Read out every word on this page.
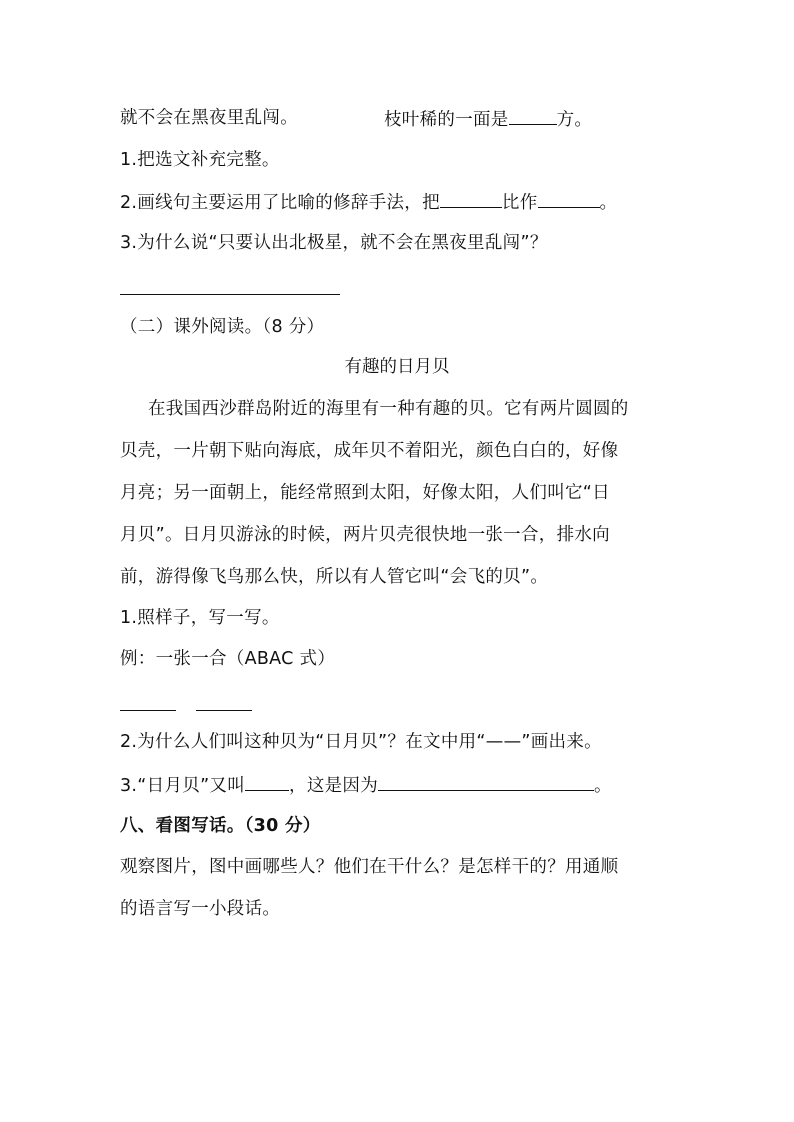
就不会在黑夜里乱闯。	枝叶稀的一面是	方。
1.把选文补充完整。
2.画线句主要运用了比喻的修辞手法，把	比作	。
3.为什么说“只要认出北极星，就不会在黑夜里乱闯”？
（二）课外阅读。（8 分）
有趣的日月贝
在我国西沙群岛附近的海里有一种有趣的贝。它有两片圆圆的
贝壳，一片朝下贴向海底，成年贝不着阳光，颜色白白的，好像
月亮；另一面朝上，能经常照到太阳，好像太阳，人们叫它“日
月贝”。日月贝游泳的时候，两片贝壳很快地一张一合，排水向
前，游得像飞鸟那么快，所以有人管它叫“会飞的贝”。
1.照样子，写一写。
例：一张一合（ABAC 式）
2.为什么人们叫这种贝为“日月贝”？在文中用“——”画出来。
3.“日月贝”又叫	，这是因为	。
八、看图写话。（30 分）
观察图片，图中画哪些人？他们在干什么？是怎样干的？用通顺
的语言写一小段话。
